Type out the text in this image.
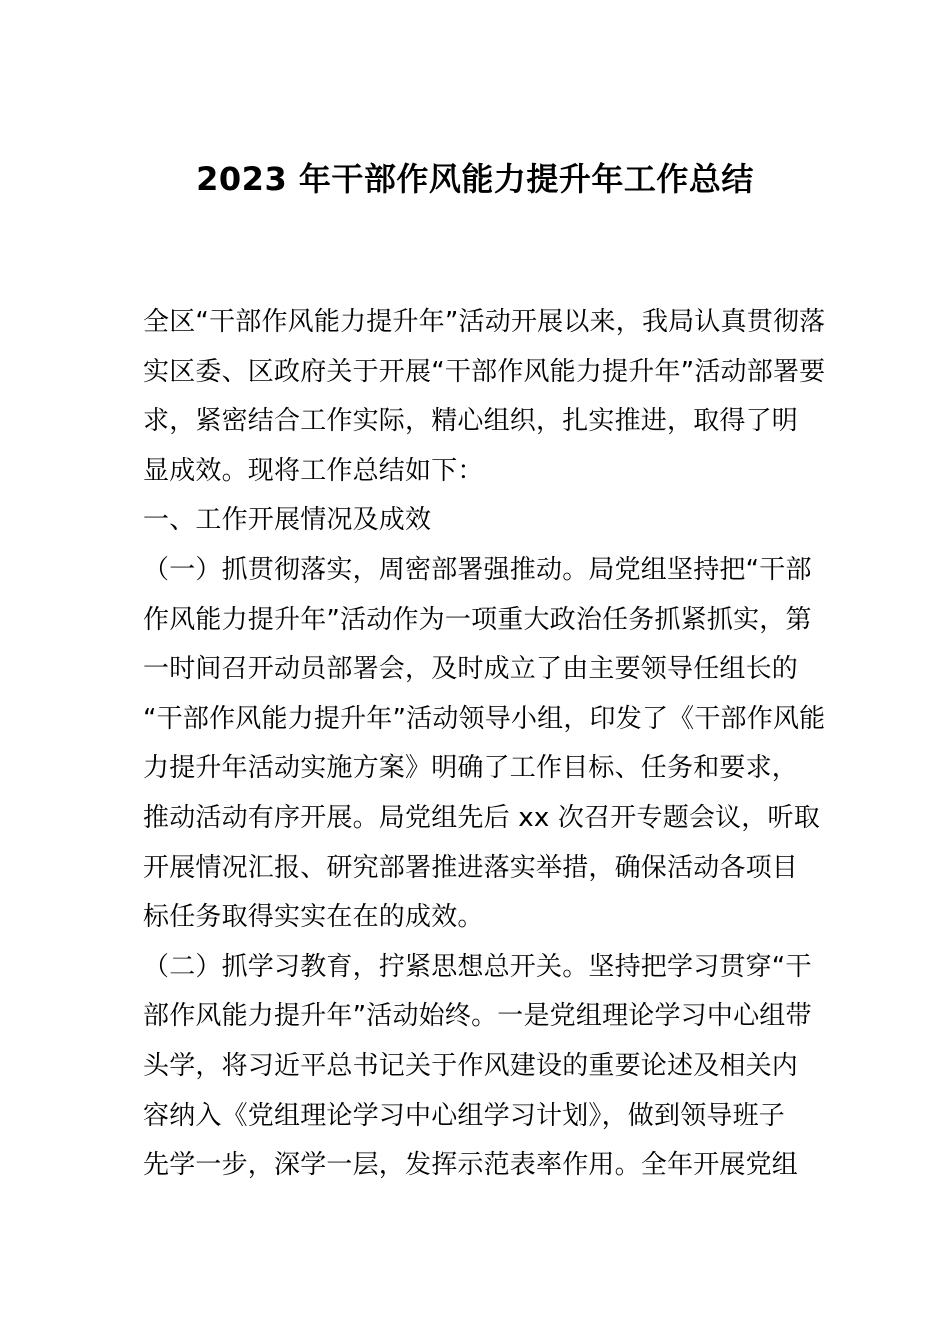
2023 年干部作风能力提升年工作总结
全区“干部作风能力提升年”活动开展以来，我局认真贯彻落
实区委、区政府关于开展“干部作风能力提升年”活动部署要
求，紧密结合工作实际，精心组织，扎实推进，取得了明
显成效。现将工作总结如下：
一、工作开展情况及成效
（一）抓贯彻落实，周密部署强推动。局党组坚持把“干部
作风能力提升年”活动作为一项重大政治任务抓紧抓实，第
一时间召开动员部署会，及时成立了由主要领导任组长的
“干部作风能力提升年”活动领导小组，印发了《干部作风能
力提升年活动实施方案》明确了工作目标、任务和要求，
推动活动有序开展。局党组先后 xx 次召开专题会议，听取
开展情况汇报、研究部署推进落实举措，确保活动各项目
标任务取得实实在在的成效。
（二）抓学习教育，拧紧思想总开关。坚持把学习贯穿“干
部作风能力提升年”活动始终。一是党组理论学习中心组带
头学，将习近平总书记关于作风建设的重要论述及相关内
容纳入《党组理论学习中心组学习计划》，做到领导班子
先学一步，深学一层，发挥示范表率作用。全年开展党组
